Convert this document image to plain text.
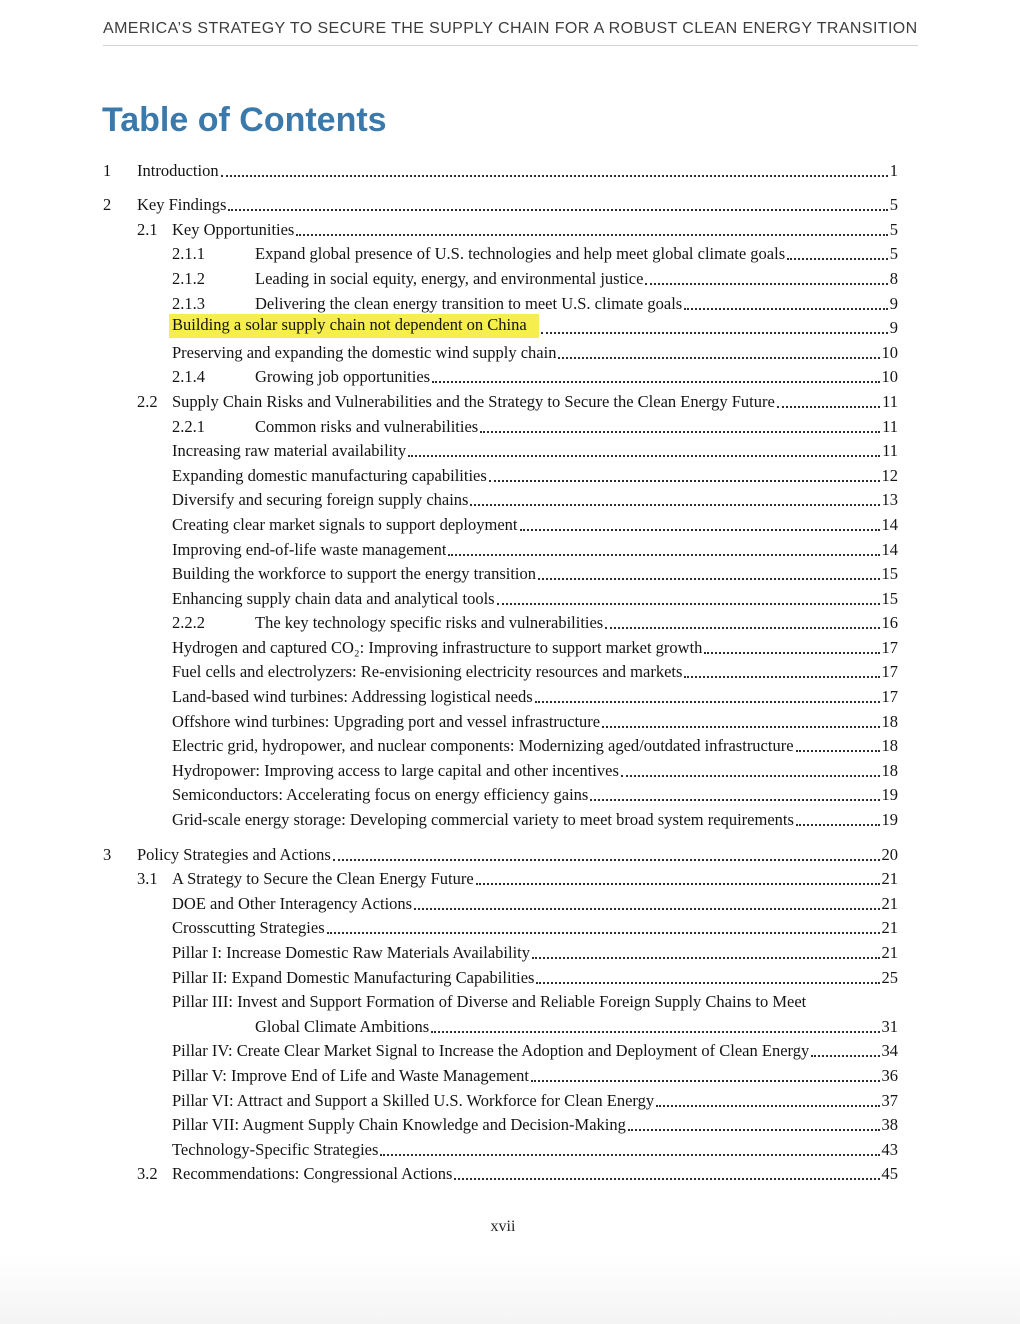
AMERICA’S STRATEGY TO SECURE THE SUPPLY CHAIN FOR A ROBUST CLEAN ENERGY TRANSITION
Table of Contents
1	Introduction	1
2	Key Findings	5
2.1 Key Opportunities	5
2.1.1	Expand global presence of U.S. technologies and help meet global climate goals	5
2.1.2	Leading in social equity, energy, and environmental justice	8
2.1.3	Delivering the clean energy transition to meet U.S. climate goals	9
Building a solar supply chain not dependent on China	9
Preserving and expanding the domestic wind supply chain	10
2.1.4	Growing job opportunities	10
2.2 Supply Chain Risks and Vulnerabilities and the Strategy to Secure the Clean Energy Future	11
2.2.1	Common risks and vulnerabilities	11
Increasing raw material availability	11
Expanding domestic manufacturing capabilities	12
Diversify and securing foreign supply chains	13
Creating clear market signals to support deployment	14
Improving end-of-life waste management	14
Building the workforce to support the energy transition	15
Enhancing supply chain data and analytical tools	15
2.2.2	The key technology specific risks and vulnerabilities	16
Hydrogen and captured CO₂: Improving infrastructure to support market growth	17
Fuel cells and electrolyzers: Re-envisioning electricity resources and markets	17
Land-based wind turbines: Addressing logistical needs	17
Offshore wind turbines: Upgrading port and vessel infrastructure	18
Electric grid, hydropower, and nuclear components: Modernizing aged/outdated infrastructure	18
Hydropower: Improving access to large capital and other incentives	18
Semiconductors: Accelerating focus on energy efficiency gains	19
Grid-scale energy storage: Developing commercial variety to meet broad system requirements	19
3	Policy Strategies and Actions	20
3.1 A Strategy to Secure the Clean Energy Future	21
DOE and Other Interagency Actions	21
Crosscutting Strategies	21
Pillar I: Increase Domestic Raw Materials Availability	21
Pillar II: Expand Domestic Manufacturing Capabilities	25
Pillar III: Invest and Support Formation of Diverse and Reliable Foreign Supply Chains to Meet
Global Climate Ambitions	31
Pillar IV: Create Clear Market Signal to Increase the Adoption and Deployment of Clean Energy	34
Pillar V: Improve End of Life and Waste Management	36
Pillar VI: Attract and Support a Skilled U.S. Workforce for Clean Energy	37
Pillar VII: Augment Supply Chain Knowledge and Decision-Making	38
Technology-Specific Strategies	43
3.2 Recommendations: Congressional Actions	45
xvii
